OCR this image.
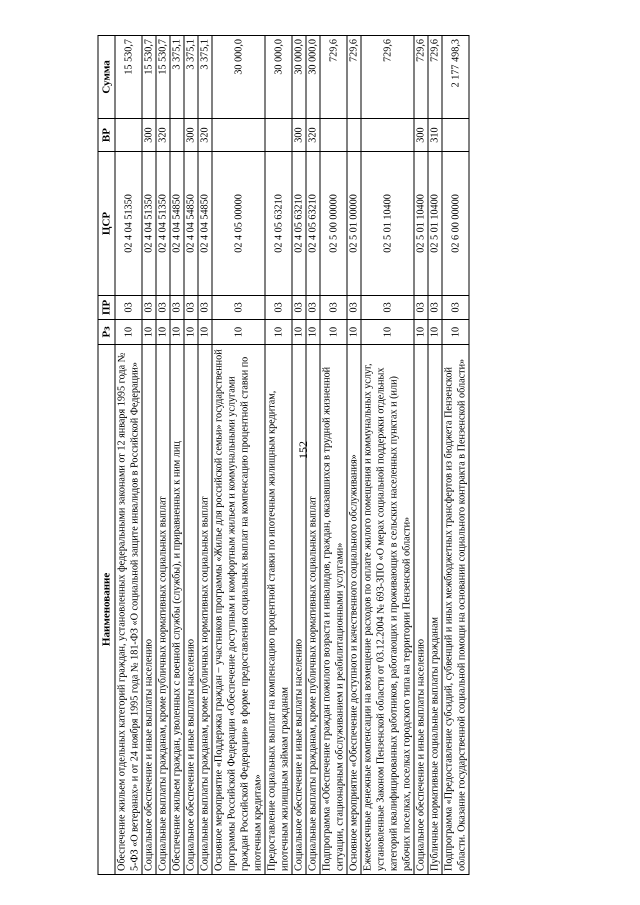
152
Наименование	Рз	ПР	ЦСР	ВР	Сумма
Обеспечение жильем отдельных категорий граждан, установленных федеральными законами от 12 января 1995 года № 5-ФЗ «О ветеранах» и от 24 ноября 1995 года № 181-ФЗ «О социальной защите инвалидов в Российской Федерации»	10	03	02 4 04 51350		15 530,7
Социальное обеспечение и иные выплаты населению	10	03	02 4 04 51350	300	15 530,7
Социальные выплаты гражданам, кроме публичных нормативных социальных выплат	10	03	02 4 04 51350	320	15 530,7
Обеспечение жильем граждан, уволенных с военной службы (службы), и приравненных к ним лиц	10	03	02 4 04 54850		3 375,1
Социальное обеспечение и иные выплаты населению	10	03	02 4 04 54850	300	3 375,1
Социальные выплаты гражданам, кроме публичных нормативных социальных выплат	10	03	02 4 04 54850	320	3 375,1
Основное мероприятие «Поддержка граждан – участников программы «Жилье для российской семьи» государственной программы Российской Федерации «Обеспечение доступным и комфортным жильем и коммунальными услугами граждан Российской Федерации» в форме предоставления социальных выплат на компенсацию процентной ставки по ипотечным кредитам»	10	03	02 4 05 00000		30 000,0
Предоставление социальных выплат на компенсацию процентной ставки по ипотечным жилищным кредитам, ипотечным жилищным займам гражданам	10	03	02 4 05 63210		30 000,0
Социальное обеспечение и иные выплаты населению	10	03	02 4 05 63210	300	30 000,0
Социальные выплаты гражданам, кроме публичных нормативных социальных выплат	10	03	02 4 05 63210	320	30 000,0
Подпрограмма «Обеспечение граждан пожилого возраста и инвалидов, граждан, оказавшихся в трудной жизненной ситуации, стационарным обслуживанием и реабилитационными услугами»	10	03	02 5 00 00000		729,6
Основное мероприятие «Обеспечение доступного и качественного социального обслуживания»	10	03	02 5 01 00000		729,6
Ежемесячные денежные компенсации на возмещение расходов по оплате жилого помещения и коммунальных услуг, установленные Законом Пензенской области от 03.12.2004 № 693-ЗПО «О мерах социальной поддержки отдельных категорий квалифицированных работников, работающих и проживающих в сельских населенных пунктах и (или) рабочих поселках, поселках городского типа на территории Пензенской области»	10	03	02 5 01 10400		729,6
Социальное обеспечение и иные выплаты населению	10	03	02 5 01 10400	300	729,6
Публичные нормативные социальные выплаты гражданам	10	03	02 5 01 10400	310	729,6
Подпрограмма «Предоставление субсидий, субвенций и иных межбюджетных трансфертов из бюджета Пензенской области. Оказание государственной социальной помощи на основании социального контракта в Пензенской области»	10	03	02 6 00 00000		2 177 498,3
